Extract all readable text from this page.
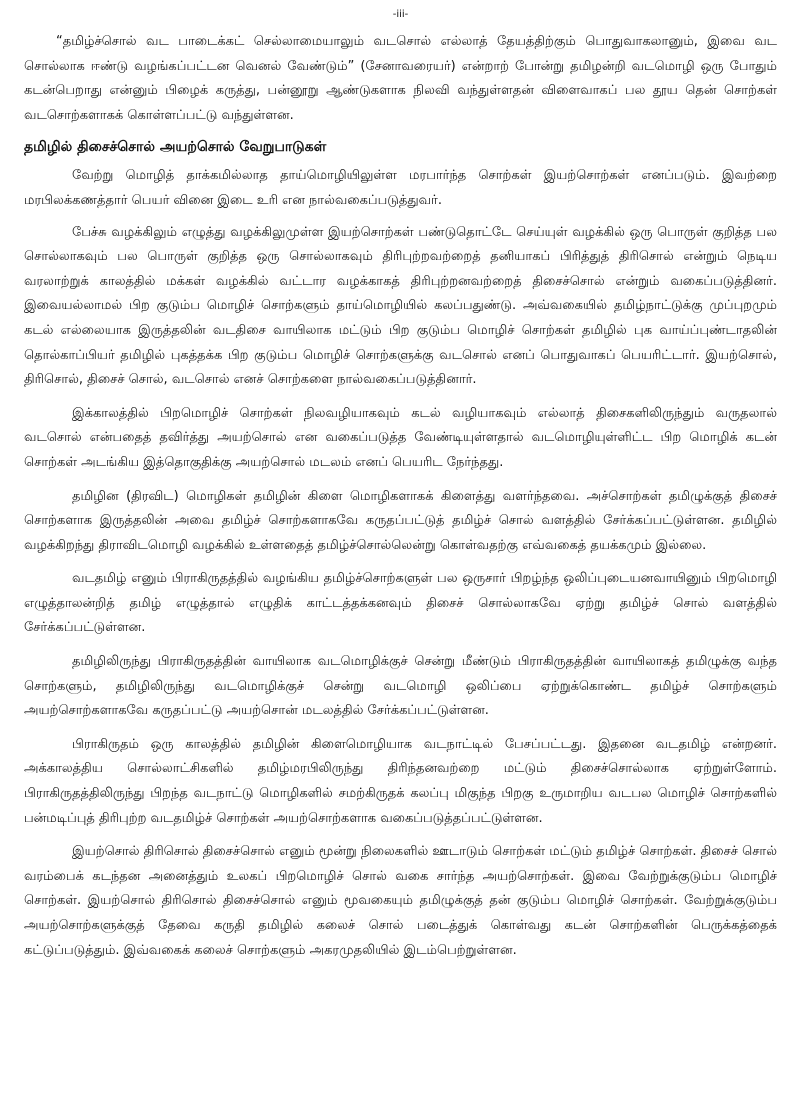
-iii-

“தமிழ்ச்சொல் வட பாடைக்கட் செல்லாமையாலும் வடசொல் எல்லாத் தேயத்திற்கும் பொதுவாகலானும், இவை வட சொல்லாக ஈண்டு வழங்கப்பட்டன வெனல் வேண்டும்” (சேனாவரையர்) என்றாற் போன்று தமிழன்றி வடமொழி ஒரு போதும் கடன்பெறாது என்னும் பிழைக் கருத்து, பன்னூறு ஆண்டுகளாக நிலவி வந்துள்ளதன் விளைவாகப் பல தூய தென் சொற்கள் வடசொற்களாகக் கொள்ளப்பட்டு வந்துள்ளன.

தமிழில் திசைச்சொல் அயற்சொல் வேறுபாடுகள்

வேற்று மொழித் தாக்கமில்லாத தாய்மொழியிலுள்ள மரபார்ந்த சொற்கள் இயற்சொற்கள் எனப்படும். இவற்றை மரபிலக்கணத்தார் பெயர் வினை இடை உரி என நால்வகைப்படுத்துவர்.

பேச்சு வழக்கிலும் எழுத்து வழக்கிலுமுள்ள இயற்சொற்கள் பண்டுதொட்டே செய்யுள் வழக்கில் ஒரு பொருள் குறித்த பல சொல்லாகவும் பல பொருள் குறித்த ஒரு சொல்லாகவும் திரிபுற்றவற்றைத் தனியாகப் பிரித்துத் திரிசொல் என்றும் நெடிய வரலாற்றுக் காலத்தில் மக்கள் வழக்கில் வட்டார வழக்காகத் திரிபுற்றனவற்றைத் திசைச்சொல் என்றும் வகைப்படுத்தினர். இவையல்லாமல் பிற குடும்ப மொழிச் சொற்களும் தாய்மொழியில் கலப்பதுண்டு. அவ்வகையில் தமிழ்நாட்டுக்கு முப்புறமும் கடல் எல்லையாக இருத்தலின் வடதிசை வாயிலாக மட்டும் பிற குடும்ப மொழிச் சொற்கள் தமிழில் புக வாய்ப்புண்டாதலின் தொல்காப்பியர் தமிழில் புகத்தக்க பிற குடும்ப மொழிச் சொற்களுக்கு வடசொல் எனப் பொதுவாகப் பெயரிட்டார். இயற்சொல், திரிசொல், திசைச் சொல், வடசொல் எனச் சொற்களை நால்வகைப்படுத்தினார்.

இக்காலத்தில் பிறமொழிச் சொற்கள் நிலவழியாகவும் கடல் வழியாகவும் எல்லாத் திசைகளிலிருந்தும் வருதலால் வடசொல் என்பதைத் தவிர்த்து அயற்சொல் என வகைப்படுத்த வேண்டியுள்ளதால் வடமொழியுள்ளிட்ட பிற மொழிக் கடன் சொற்கள் அடங்கிய இத்தொகுதிக்கு அயற்சொல் மடலம் எனப் பெயரிட நேர்ந்தது.

தமிழின (திரவிட) மொழிகள் தமிழின் கிளை மொழிகளாகக் கிளைத்து வளர்ந்தவை. அச்சொற்கள் தமிழுக்குத் திசைச் சொற்களாக இருத்தலின் அவை தமிழ்ச் சொற்களாகவே கருதப்பட்டுத் தமிழ்ச் சொல் வளத்தில் சேர்க்கப்பட்டுள்ளன. தமிழில் வழக்கிறந்து திராவிடமொழி வழக்கில் உள்ளதைத் தமிழ்ச்சொல்லென்று கொள்வதற்கு எவ்வகைத் தயக்கமும் இல்லை.

வடதமிழ் எனும் பிராகிருதத்தில் வழங்கிய தமிழ்ச்சொற்களுள் பல ஒருசார் பிறழ்ந்த ஒலிப்புடையனவாயினும் பிறமொழி எழுத்தாலன்றித் தமிழ் எழுத்தால் எழுதிக் காட்டத்தக்கனவும் திசைச் சொல்லாகவே ஏற்று தமிழ்ச் சொல் வளத்தில் சேர்க்கப்பட்டுள்ளன.

தமிழிலிருந்து பிராகிருதத்தின் வாயிலாக வடமொழிக்குச் சென்று மீண்டும் பிராகிருதத்தின் வாயிலாகத் தமிழுக்கு வந்த சொற்களும், தமிழிலிருந்து வடமொழிக்குச் சென்று வடமொழி ஒலிப்பை ஏற்றுக்கொண்ட தமிழ்ச் சொற்களும் அயற்சொற்களாகவே கருதப்பட்டு அயற்சொன் மடலத்தில் சேர்க்கப்பட்டுள்ளன.

பிராகிருதம் ஒரு காலத்தில் தமிழின் கிளைமொழியாக வடநாட்டில் பேசப்பட்டது. இதனை வடதமிழ் என்றனர். அக்காலத்திய சொல்லாட்சிகளில் தமிழ்மரபிலிருந்து திரிந்தனவற்றை மட்டும் திசைச்சொல்லாக ஏற்றுள்ளோம். பிராகிருதத்திலிருந்து பிறந்த வடநாட்டு மொழிகளில் சமற்கிருதக் கலப்பு மிகுந்த பிறகு உருமாறிய வடபல மொழிச் சொற்களில் பன்மடிப்புத் திரிபுற்ற வடதமிழ்ச் சொற்கள் அயற்சொற்களாக வகைப்படுத்தப்பட்டுள்ளன.

இயற்சொல் திரிசொல் திசைச்சொல் எனும் மூன்று நிலைகளில் ஊடாடும் சொற்கள் மட்டும் தமிழ்ச் சொற்கள். திசைச் சொல் வரம்பைக் கடந்தன அனைத்தும் உலகப் பிறமொழிச் சொல் வகை சார்ந்த அயற்சொற்கள். இவை வேற்றுக்குடும்ப மொழிச் சொற்கள். இயற்சொல் திரிசொல் திசைச்சொல் எனும் மூவகையும் தமிழுக்குத் தன் குடும்ப மொழிச் சொற்கள். வேற்றுக்குடும்ப அயற்சொற்களுக்குத் தேவை கருதி தமிழில் கலைச் சொல் படைத்துக் கொள்வது கடன் சொற்களின் பெருக்கத்தைக் கட்டுப்படுத்தும். இவ்வகைக் கலைச் சொற்களும் அகரமுதலியில் இடம்பெற்றுள்ளன.
